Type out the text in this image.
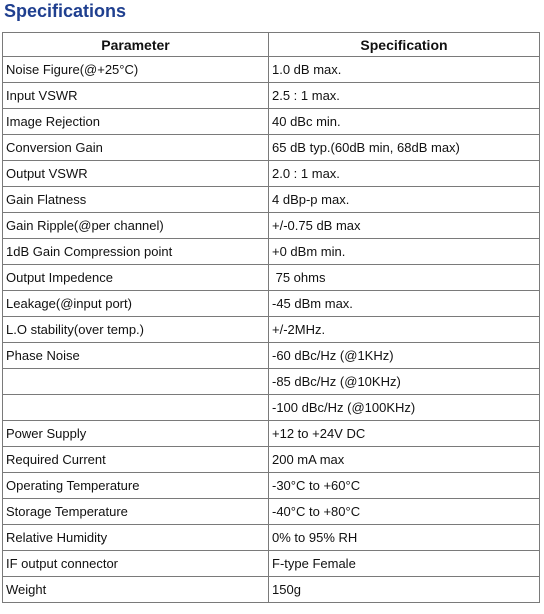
Specifications
Parameter	Specification
Noise Figure(@+25°C)	1.0 dB max.
Input VSWR	2.5 : 1 max.
Image Rejection	40 dBc min.
Conversion Gain	65 dB typ.(60dB min, 68dB max)
Output VSWR	2.0 : 1 max.
Gain Flatness	4 dBp-p max.
Gain Ripple(@per channel)	+/-0.75 dB max
1dB Gain Compression point	+0 dBm min.
Output Impedence	75 ohms
Leakage(@input port)	-45 dBm max.
L.O stability(over temp.)	+/-2MHz.
Phase Noise	-60 dBc/Hz (@1KHz)
	-85 dBc/Hz (@10KHz)
	-100 dBc/Hz (@100KHz)
Power Supply	+12 to +24V DC
Required Current	200 mA max
Operating Temperature	-30°C to +60°C
Storage Temperature	-40°C to +80°C
Relative Humidity	0% to 95% RH
IF output connector	F-type Female
Weight	150g
